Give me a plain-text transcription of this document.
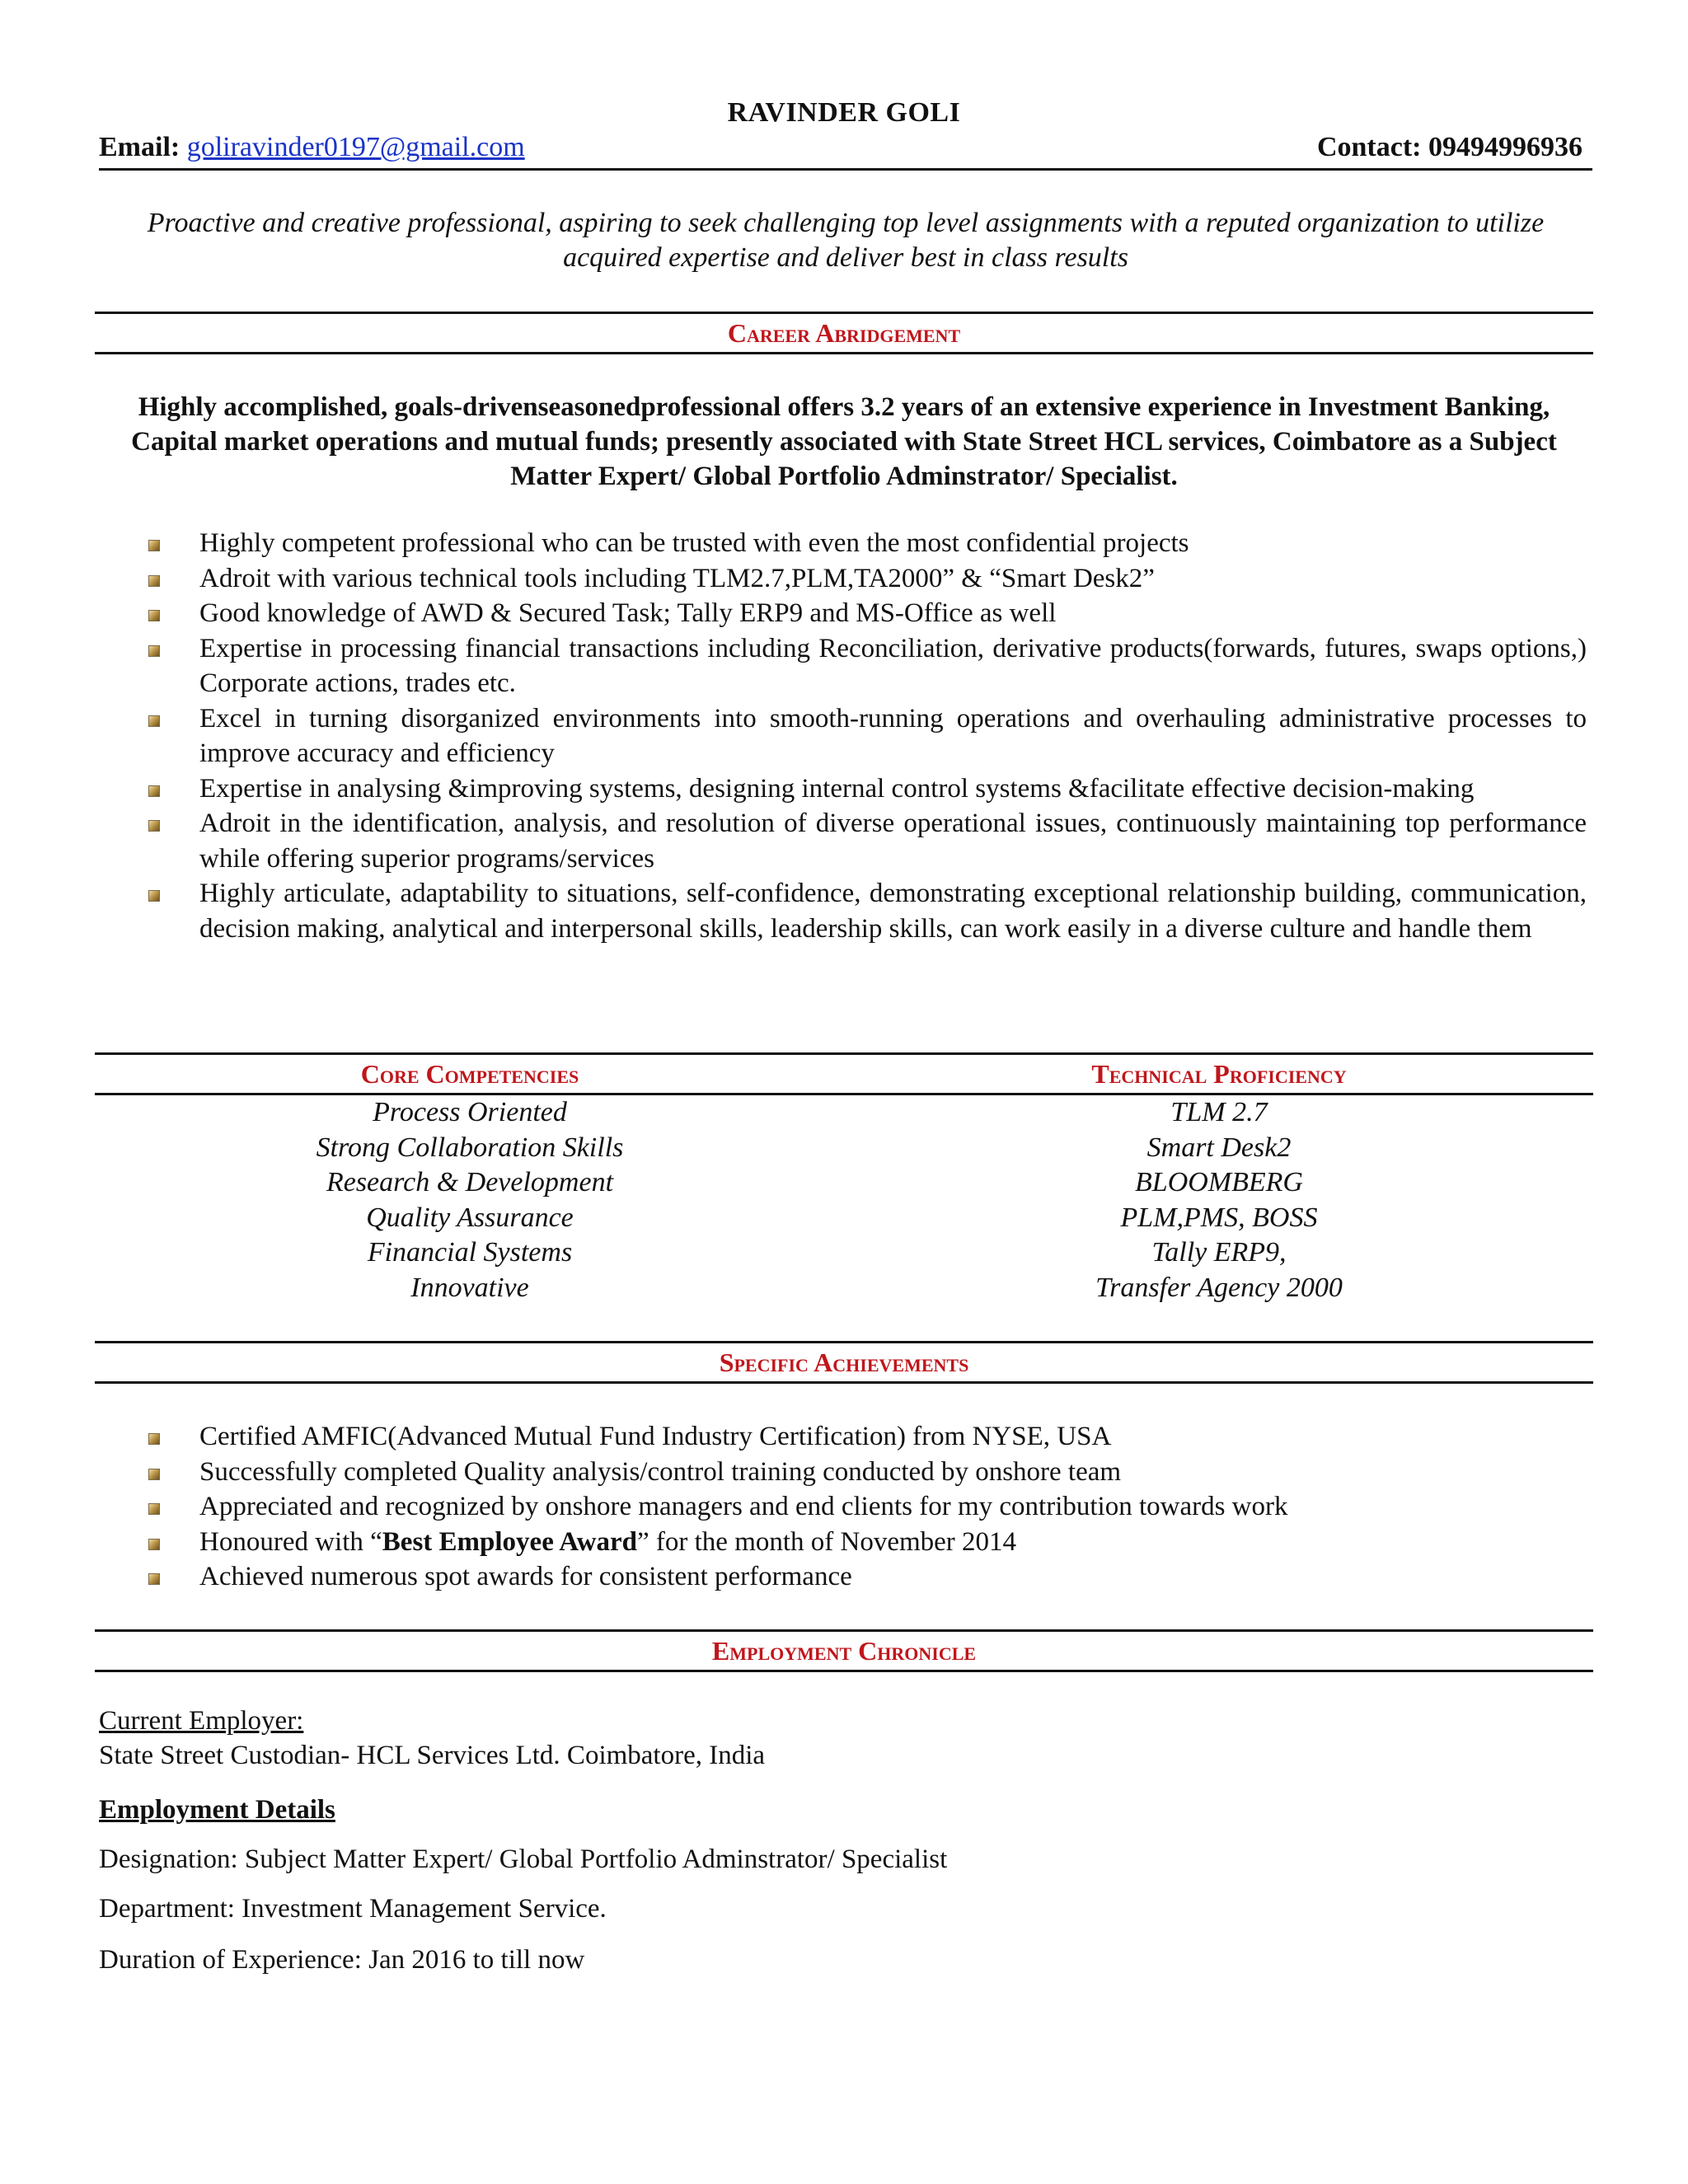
RAVINDER GOLI
Email: goliravinder0197@gmail.com	Contact: 09494996936
Proactive and creative professional, aspiring to seek challenging top level assignments with a reputed organization to utilize acquired expertise and deliver best in class results
Career Abridgement
Highly accomplished, goals-drivenseasonedprofessional offers 3.2 years of an extensive experience in Investment Banking, Capital market operations and mutual funds; presently associated with State Street HCL services, Coimbatore as a Subject Matter Expert/ Global Portfolio Adminstrator/ Specialist.
Highly competent professional who can be trusted with even the most confidential projects
Adroit with various technical tools including TLM2.7,PLM,TA2000” & “Smart Desk2”
Good knowledge of AWD & Secured Task; Tally ERP9 and MS-Office as well
Expertise in processing financial transactions including Reconciliation, derivative products(forwards, futures, swaps options,) Corporate actions, trades etc.
Excel in turning disorganized environments into smooth-running operations and overhauling administrative processes to improve accuracy and efficiency
Expertise in analysing &improving systems, designing internal control systems &facilitate effective decision-making
Adroit in the identification, analysis, and resolution of diverse operational issues, continuously maintaining top performance while offering superior programs/services
Highly articulate, adaptability to situations, self-confidence, demonstrating exceptional relationship building, communication, decision making, analytical and interpersonal skills, leadership skills, can work easily in a diverse culture and handle them
Core Competencies	Technical Proficiency
Process Oriented
Strong Collaboration Skills
Research & Development
Quality Assurance
Financial Systems
Innovative
TLM 2.7
Smart Desk2
BLOOMBERG
PLM,PMS, BOSS
Tally ERP9,
Transfer Agency 2000
Specific Achievements
Certified AMFIC(Advanced Mutual Fund Industry Certification) from NYSE, USA
Successfully completed Quality analysis/control training conducted by onshore team
Appreciated and recognized by onshore managers and end clients for my contribution towards work
Honoured with “Best Employee Award” for the month of November 2014
Achieved numerous spot awards for consistent performance
Employment Chronicle
Current Employer:
State Street Custodian- HCL Services Ltd. Coimbatore, India
Employment Details
Designation: Subject Matter Expert/ Global Portfolio Adminstrator/ Specialist
Department: Investment Management Service.
Duration of Experience: Jan 2016 to till now
